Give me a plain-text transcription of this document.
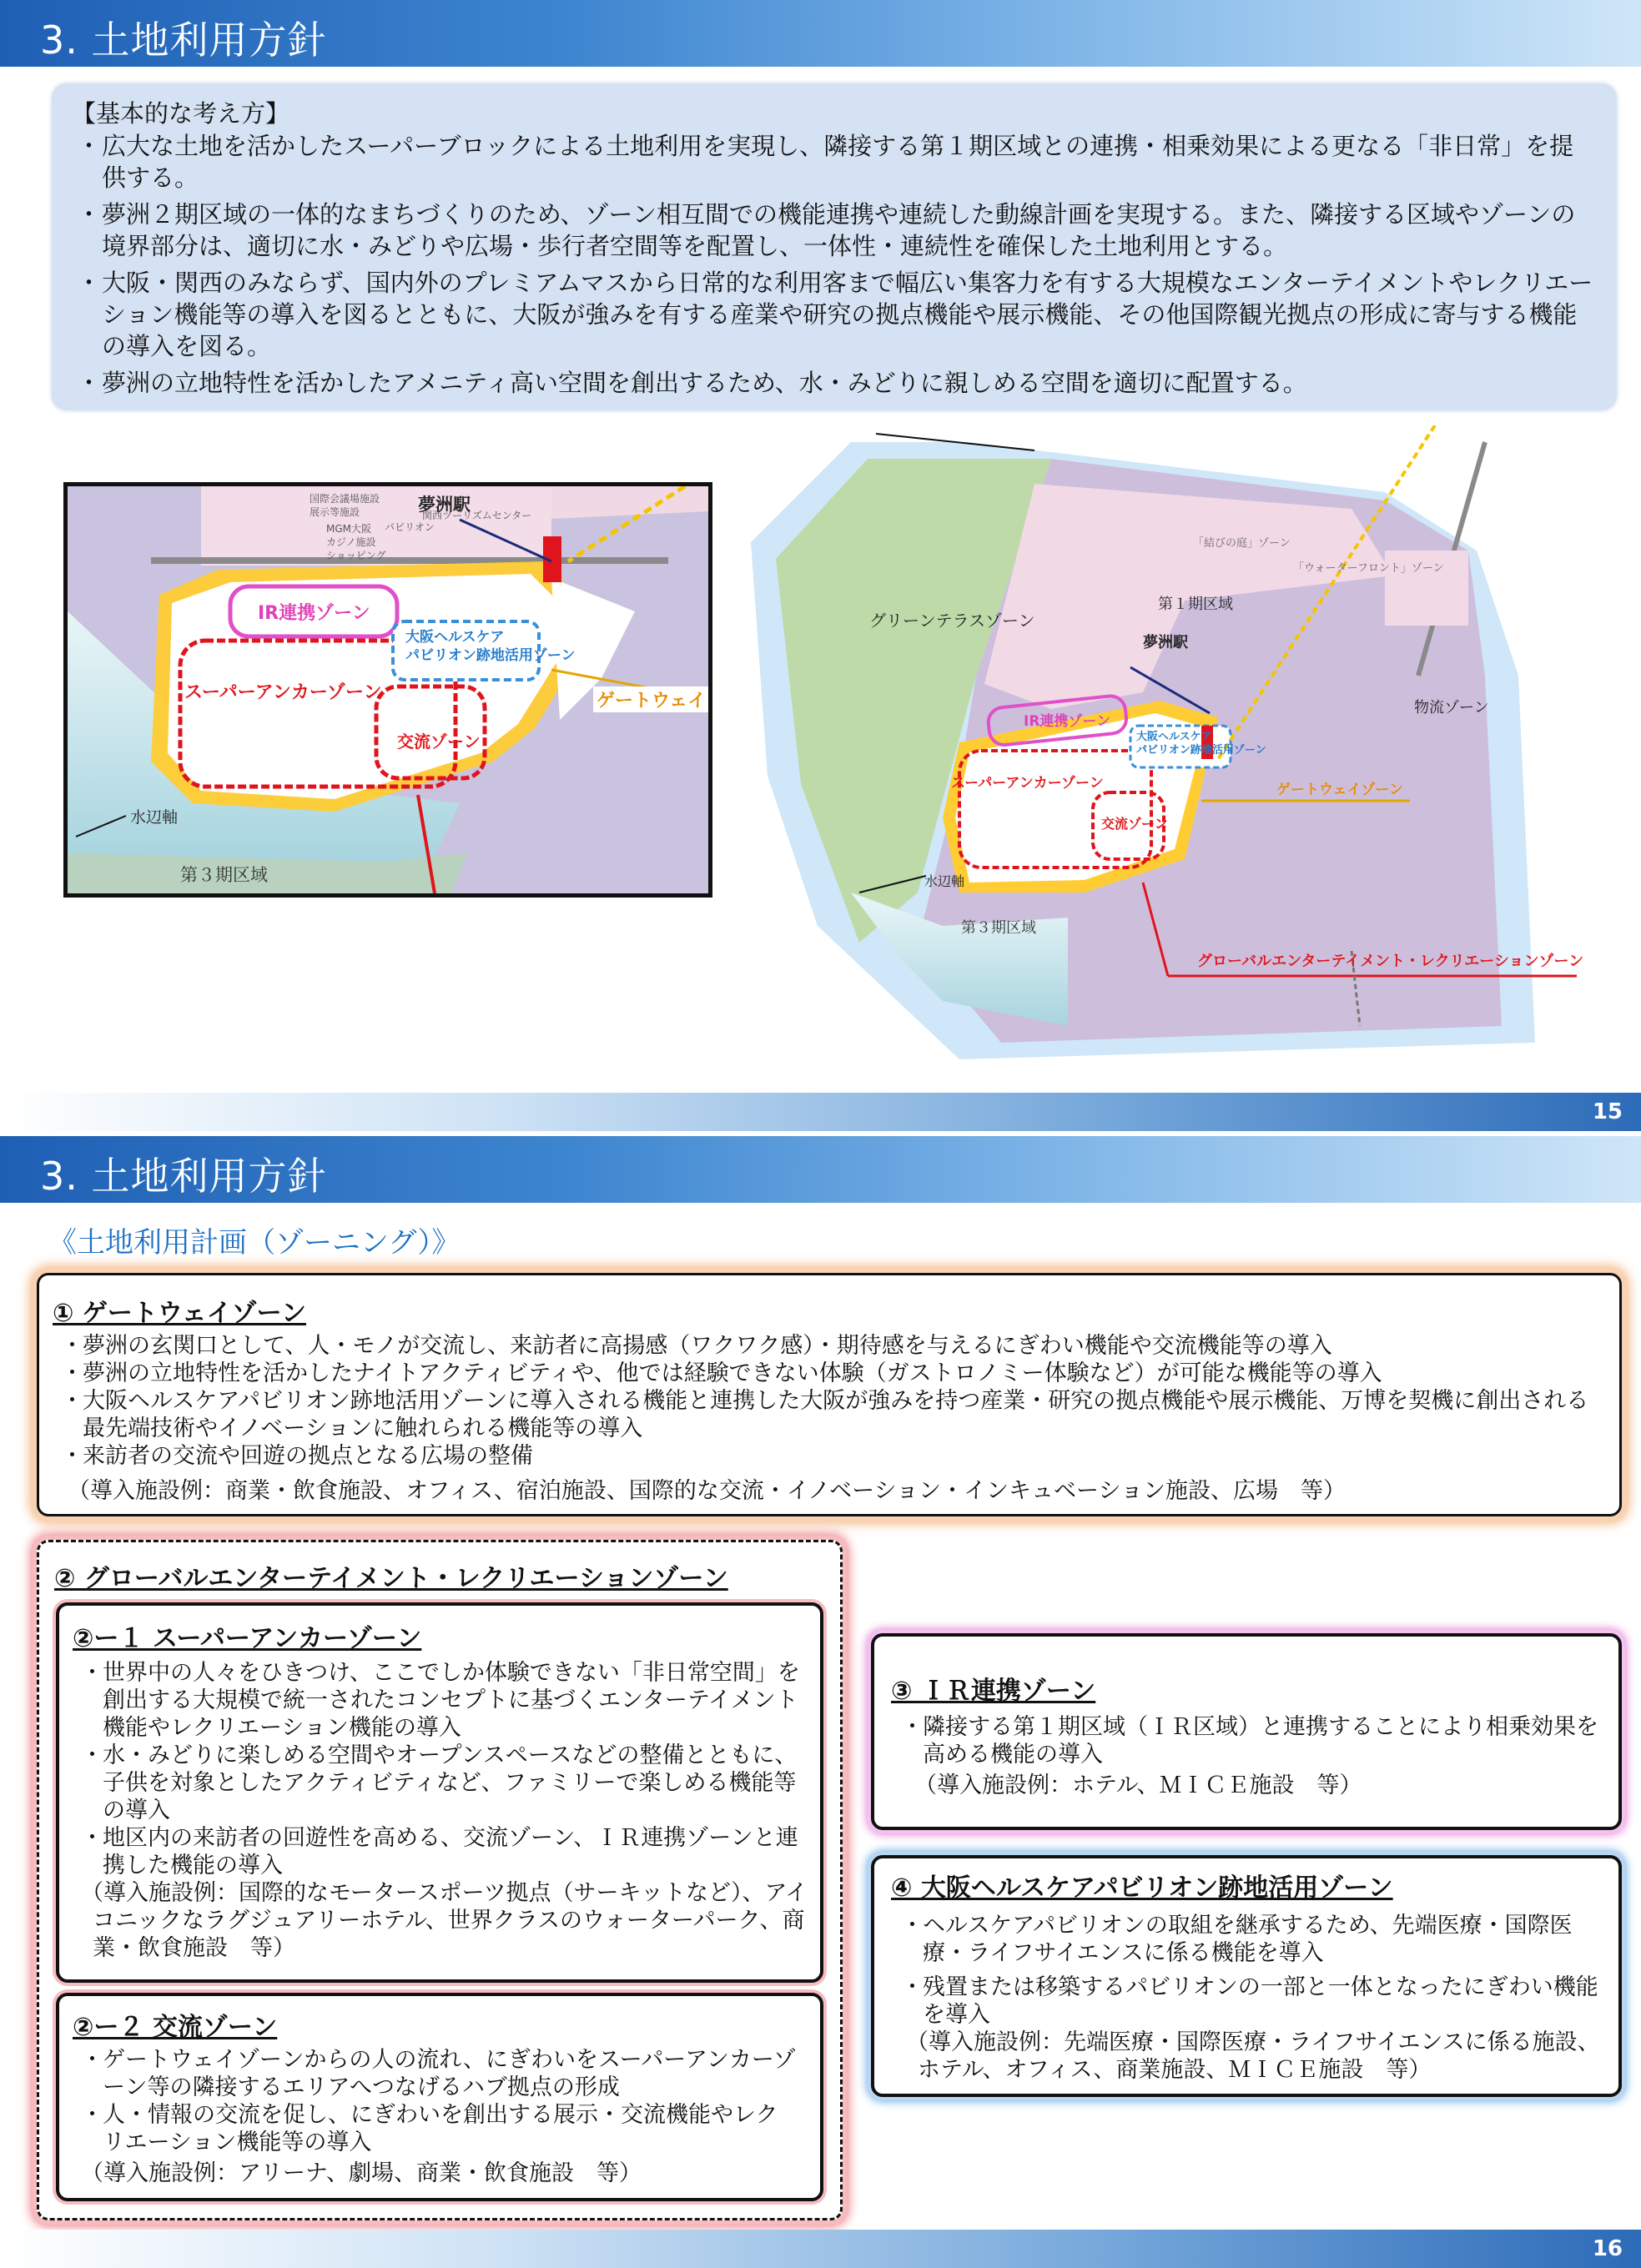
3. 土地利用方針
【基本的な考え方】
・ 広大な土地を活かしたスーパーブロックによる土地利用を実現し、隣接する第１期区域との連携・相乗効果による更なる「非日常」を提供する。
・ 夢洲２期区域の一体的なまちづくりのため、ゾーン相互間での機能連携や連続した動線計画を実現する。また、隣接する区域やゾーンの境界部分は、適切に水・みどりや広場・歩行者空間等を配置し、一体性・連続性を確保した土地利用とする。
・ 大阪・関西のみならず、国内外のプレミアムマスから日常的な利用客まで幅広い集客力を有する大規模なエンターテイメントやレクリエーション機能等の導入を図るとともに、大阪が強みを有する産業や研究の拠点機能や展示機能、その他国際観光拠点の形成に寄与する機能の導入を図る。
・ 夢洲の立地特性を活かしたアメニティ高い空間を創出するため、水・みどりに親しめる空間を適切に配置する。
夢洲駅
国際会議場施設
展示等施設
MGM大阪
カジノ施設
ショッピング
パビリオン
関西ツーリズムセンター
IR連携ゾーン
大阪ヘルスケア
パビリオン跡地活用ゾーン
スーパーアンカーゾーン
交流ゾーン
ゲートウェイ
水辺軸
第３期区域
グリーンテラスゾーン
第１期区域
夢洲駅
「結びの庭」ゾーン
「ウォーターフロント」ゾーン
IR連携ゾーン
大阪ヘルスケア
パビリオン跡地活用ゾーン
スーパーアンカーゾーン
交流ゾーン
ゲートウェイゾーン
物流ゾーン
水辺軸
第３期区域
グローバルエンターテイメント・レクリエーションゾーン
15
3. 土地利用方針
《土地利用計画（ゾーニング）》
① ゲートウェイゾーン
・ 夢洲の玄関口として、人・モノが交流し、来訪者に高揚感（ワクワク感）・期待感を与えるにぎわい機能や交流機能等の導入
・ 夢洲の立地特性を活かしたナイトアクティビティや、他では経験できない体験（ガストロノミー体験など）が可能な機能等の導入
・ 大阪ヘルスケアパビリオン跡地活用ゾーンに導入される機能と連携した大阪が強みを持つ産業・研究の拠点機能や展示機能、万博を契機に創出される最先端技術やイノベーションに触れられる機能等の導入
・ 来訪者の交流や回遊の拠点となる広場の整備
（導入施設例：商業・飲食施設、オフィス、宿泊施設、国際的な交流・イノベーション・インキュベーション施設、広場　等）
② グローバルエンターテイメント・レクリエーションゾーン
②ー１ スーパーアンカーゾーン
・ 世界中の人々をひきつけ、ここでしか体験できない「非日常空間」を創出する大規模で統一されたコンセプトに基づくエンターテイメント機能やレクリエーション機能の導入
・ 水・みどりに楽しめる空間やオープンスペースなどの整備とともに、子供を対象としたアクティビティなど、ファミリーで楽しめる機能等の導入
・ 地区内の来訪者の回遊性を高める、交流ゾーン、ＩＲ連携ゾーンと連携した機能の導入
（導入施設例：国際的なモータースポーツ拠点（サーキットなど）、アイコニックなラグジュアリーホテル、世界クラスのウォーターパーク、商業・飲食施設　等）
②ー２ 交流ゾーン
・ ゲートウェイゾーンからの人の流れ、にぎわいをスーパーアンカーゾーン等の隣接するエリアへつなげるハブ拠点の形成
・ 人・情報の交流を促し、にぎわいを創出する展示・交流機能やレクリエーション機能等の導入
（導入施設例：アリーナ、劇場、商業・飲食施設　等）
③ ＩＲ連携ゾーン
・ 隣接する第１期区域（ＩＲ区域）と連携することにより相乗効果を高める機能の導入
（導入施設例：ホテル、ＭＩＣＥ施設　等）
④ 大阪ヘルスケアパビリオン跡地活用ゾーン
・ ヘルスケアパビリオンの取組を継承するため、先端医療・国際医療・ライフサイエンスに係る機能を導入
・ 残置または移築するパビリオンの一部と一体となったにぎわい機能を導入
（導入施設例：先端医療・国際医療・ライフサイエンスに係る施設、ホテル、オフィス、商業施設、ＭＩＣＥ施設　等）
16
